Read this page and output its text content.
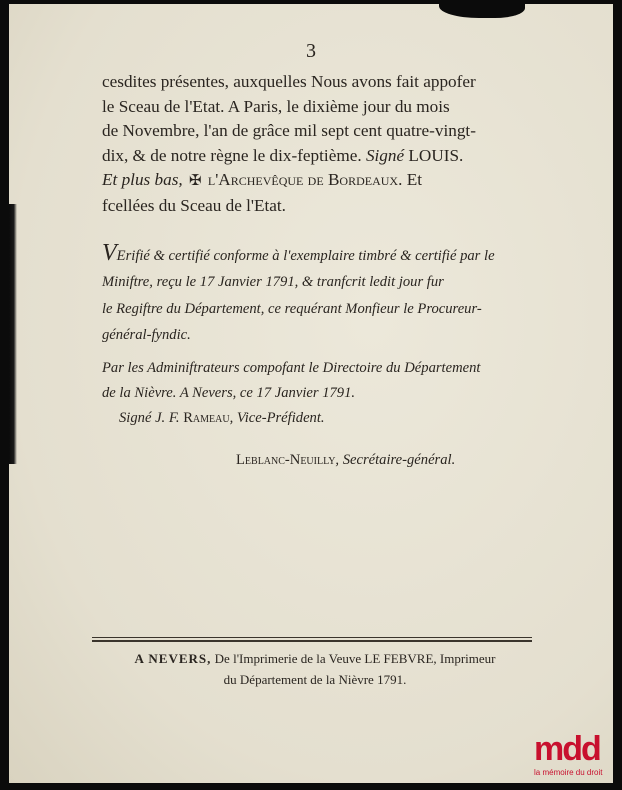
3
cesdites présentes, auxquelles Nous avons fait appofer
le Sceau de l'Etat. A Paris, le dixième jour du mois
de Novembre, l'an de grâce mil sept cent quatre-vingt-
dix, & de notre règne le dix-feptième. Signé LOUIS.
Et plus bas, ✠ l'Archevêque de Bordeaux. Et
fcellées du Sceau de l'Etat.
VErifié & certifié conforme à l'exemplaire timbré & certifié par le
Miniftre, reçu le 17 Janvier 1791, & tranfcrit ledit jour fur
le Regiftre du Département, ce requérant Monfieur le Procureur-
général-fyndic.
Par les Adminiftrateurs compofant le Directoire du Département
de la Nièvre. A Nevers, ce 17 Janvier 1791.
Signé J. F. Rameau, Vice-Préfident.
Leblanc-Neuilly, Secrétaire-général.
A NEVERS, De l'Imprimerie de la Veuve LE FEBVRE, Imprimeur
du Département de la Nièvre 1791.
mdd
la mémoire du droit
